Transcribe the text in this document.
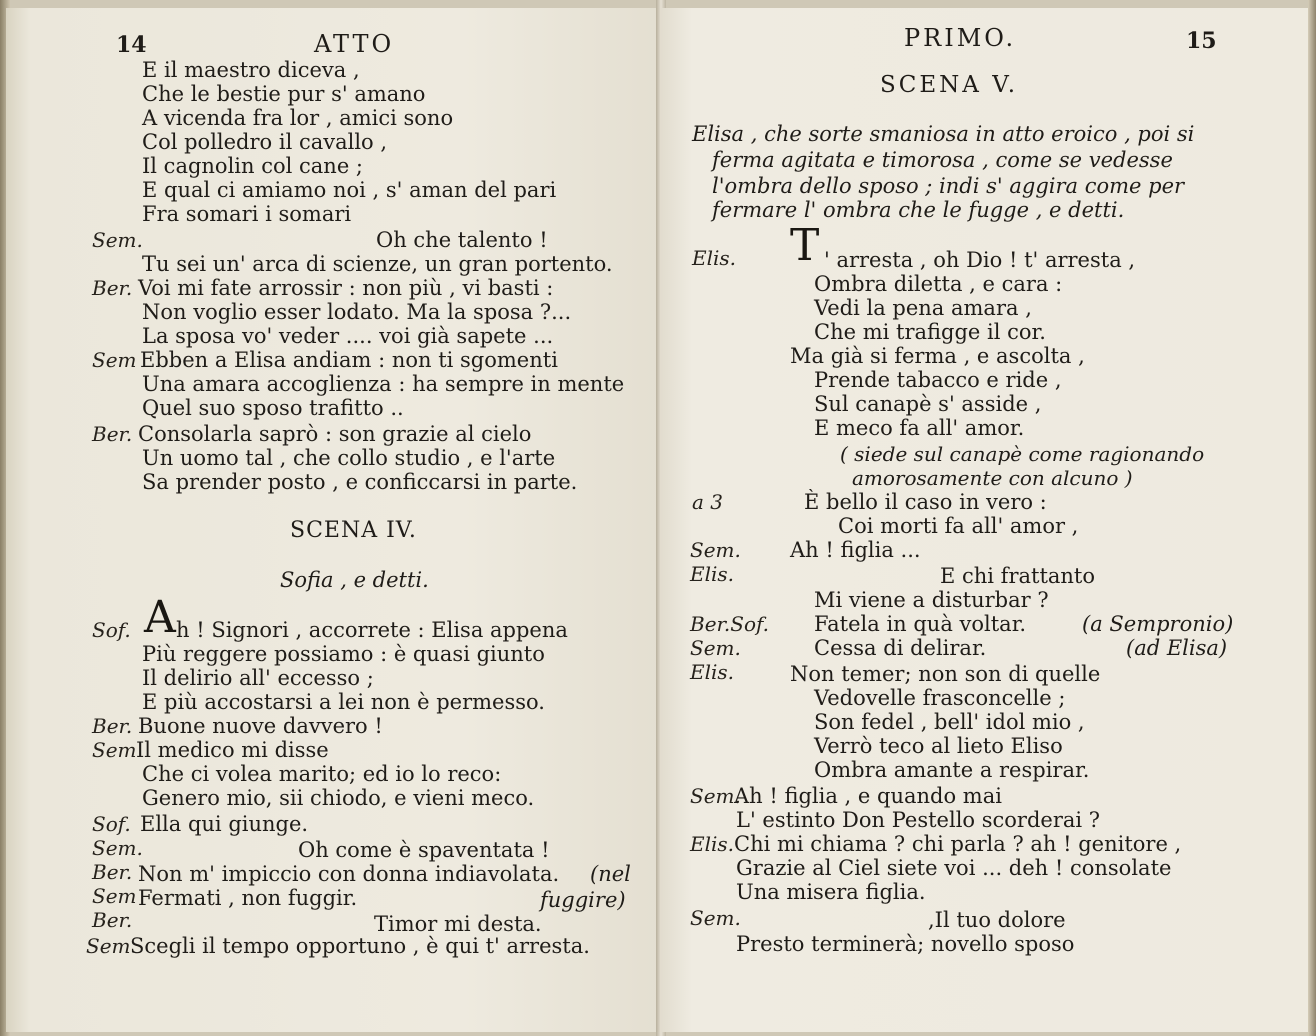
14	ATTO
E il maestro diceva ,
Che le bestie pur s' amano
A vicenda fra lor , amici sono
Col polledro il cavallo ,
Il cagnolin col cane ;
E qual ci amiamo noi , s' aman del pari
Fra somari i somari
Sem.	Oh che talento !
Tu sei un' arca di scienze, un gran portento.
Ber. Voi mi fate arrossir : non più , vi basti :
Non voglio esser lodato. Ma la sposa ?...
La sposa vo' veder .... voi già sapete ...
Sem Ebben a Elisa andiam : non ti sgomenti
Una amara accoglienza : ha sempre in mente
Quel suo sposo trafitto ..
Ber. Consolarla saprò : son grazie al cielo
Un uomo tal , che collo studio , e l'arte
Sa prender posto , e conficcarsi in parte.
SCENA IV.
Sofia , e detti.
Sof. A h ! Signori , accorrete : Elisa appena
Più reggere possiamo : è quasi giunto
Il delirio all' eccesso ;
E più accostarsi a lei non è permesso.
Ber. Buone nuove davvero !
Sem Il medico mi disse
Che ci volea marito; ed io lo reco:
Genero mio, sii chiodo, e vieni meco.
Sof. Ella qui giunge.
Sem.	Oh come è spaventata !
Ber. Non m' impiccio con donna indiavolata. (nel
Sem Fermati , non fuggir.	fuggire)
Ber.	Timor mi desta.
Sem Scegli il tempo opportuno , è qui t' arresta.
PRIMO.	15
SCENA V.
Elisa , che sorte smaniosa in atto eroico , poi si
ferma agitata e timorosa , come se vedesse
l'ombra dello sposo ; indi s' aggira come per
fermare l' ombra che le fugge , e detti.
Elis. T ' arresta , oh Dio ! t' arresta ,
Ombra diletta , e cara :
Vedi la pena amara ,
Che mi trafigge il cor.
Ma già si ferma , e ascolta ,
Prende tabacco e ride ,
Sul canapè s' asside ,
E meco fa all' amor.
( siede sul canapè come ragionando
amorosamente con alcuno )
a 3	È bello il caso in vero :
Coi morti fa all' amor ,
Sem. Ah ! figlia ...
Elis.	E chi frattanto
Mi viene a disturbar ?
Ber.Sof. Fatela in quà voltar.	(a Sempronio)
Sem.	Cessa di delirar.	(ad Elisa)
Elis.	Non temer; non son di quelle
Vedovelle frasconcelle ;
Son fedel , bell' idol mio ,
Verrò teco al lieto Eliso
Ombra amante a respirar.
Sem.
Ah ! figlia , e quando mai
L' estinto Don Pestello scorderai ?
Elis. Chi mi chiama ? chi parla ? ah ! genitore ,
Grazie al Ciel siete voi ... deh ! consolate
Una misera figlia.
Sem.	,Il tuo dolore
Presto terminerà; novello sposo
